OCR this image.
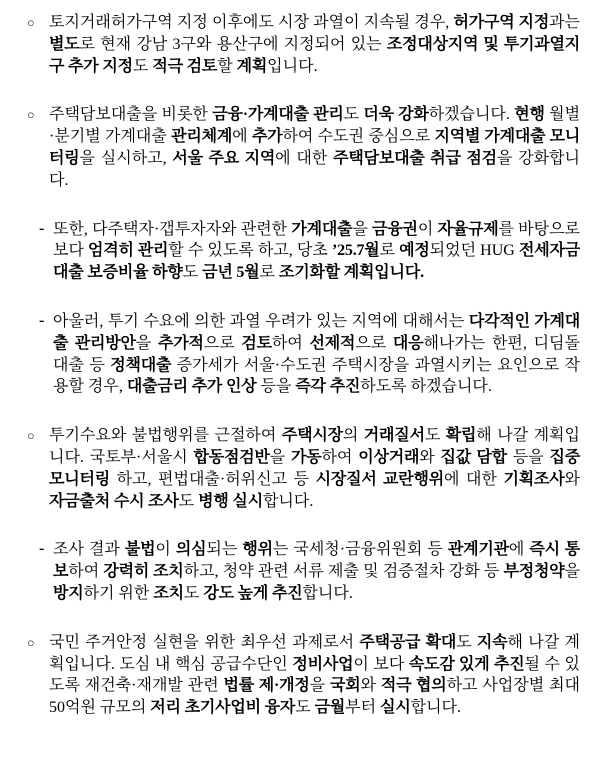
○ 토지거래허가구역 지정 이후에도 시장 과열이 지속될 경우, 허가구역 지정과는 별도로 현재 강남 3구와 용산구에 지정되어 있는 조정대상지역 및 투기과열지구 추가 지정도 적극 검토할 계획입니다.
○ 주택담보대출을 비롯한 금융·가계대출 관리도 더욱 강화하겠습니다. 현행 월별·분기별 가계대출 관리체계에 추가하여 수도권 중심으로 지역별 가계대출 모니터링을 실시하고, 서울 주요 지역에 대한 주택담보대출 취급 점검을 강화합니다.
- 또한, 다주택자·갭투자자와 관련한 가계대출을 금융권이 자율규제를 바탕으로 보다 엄격히 관리할 수 있도록 하고, 당초 ’25.7월로 예정되었던 HUG 전세자금대출 보증비율 하향도 금년 5월로 조기화할 계획입니다.
- 아울러, 투기 수요에 의한 과열 우려가 있는 지역에 대해서는 다각적인 가계대출 관리방안을 추가적으로 검토하여 선제적으로 대응해나가는 한편, 디딤돌 대출 등 정책대출 증가세가 서울·수도권 주택시장을 과열시키는 요인으로 작용할 경우, 대출금리 추가 인상 등을 즉각 추진하도록 하겠습니다.
○ 투기수요와 불법행위를 근절하여 주택시장의 거래질서도 확립해 나갈 계획입니다. 국토부·서울시 합동점검반을 가동하여 이상거래와 집값 담합 등을 집중 모니터링 하고, 편법대출·허위신고 등 시장질서 교란행위에 대한 기획조사와 자금출처 수시 조사도 병행 실시합니다.
- 조사 결과 불법이 의심되는 행위는 국세청·금융위원회 등 관계기관에 즉시 통보하여 강력히 조치하고, 청약 관련 서류 제출 및 검증절차 강화 등 부정청약을 방지하기 위한 조치도 강도 높게 추진합니다.
○ 국민 주거안정 실현을 위한 최우선 과제로서 주택공급 확대도 지속해 나갈 계획입니다. 도심 내 핵심 공급수단인 정비사업이 보다 속도감 있게 추진될 수 있도록 재건축·재개발 관련 법률 제·개정을 국회와 적극 협의하고 사업장별 최대 50억원 규모의 저리 초기사업비 융자도 금월부터 실시합니다.
